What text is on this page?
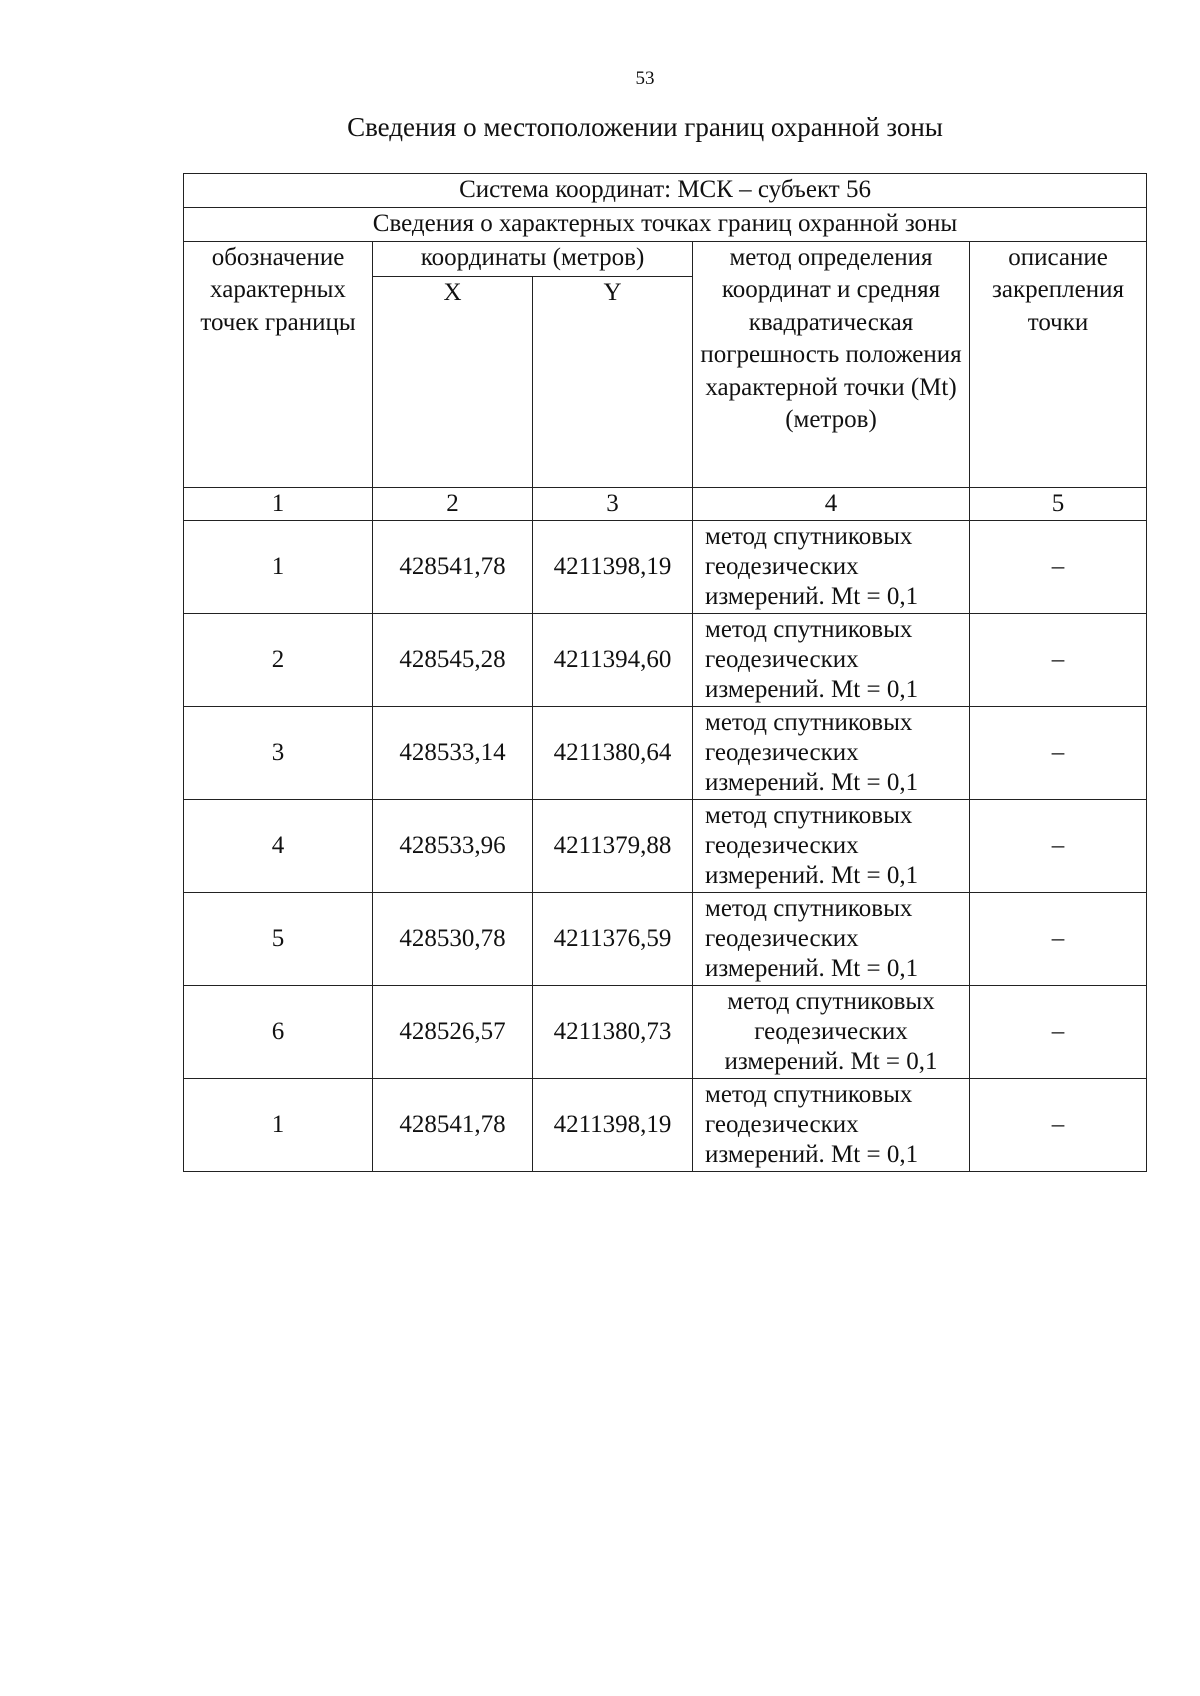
53
Сведения о местоположении границ охранной зоны
Система координат: МСК – субъект 56				
Сведения о характерных точках границ охранной зоны				
обозначение характерных точек границы	координаты (метров)		метод определения координат и средняя квадратическая погрешность положения характерной точки (Mt) (метров)	описание закрепления точки
	X	Y		
1	2	3	4	5
1	428541,78	4211398,19	метод спутниковых геодезических измерений. Mt = 0,1	–
2	428545,28	4211394,60	метод спутниковых геодезических измерений. Mt = 0,1	–
3	428533,14	4211380,64	метод спутниковых геодезических измерений. Mt = 0,1	–
4	428533,96	4211379,88	метод спутниковых геодезических измерений. Mt = 0,1	–
5	428530,78	4211376,59	метод спутниковых геодезических измерений. Mt = 0,1	–
6	428526,57	4211380,73	метод спутниковых геодезических измерений. Mt = 0,1	–
1	428541,78	4211398,19	метод спутниковых геодезических измерений. Mt = 0,1	–
